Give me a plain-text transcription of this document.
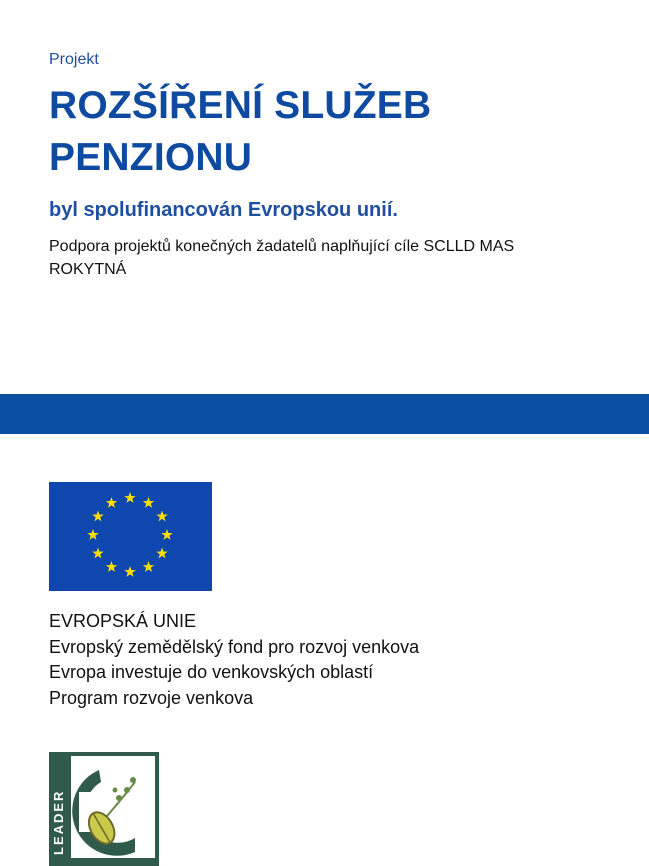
Projekt
ROZŠÍŘENÍ SLUŽEB
PENZIONU
byl spolufinancován Evropskou unií.
Podpora projektů konečných žadatelů naplňující cíle SCLLD MAS
ROKYTNÁ
EVROPSKÁ UNIE
Evropský zemědělský fond pro rozvoj venkova
Evropa investuje do venkovských oblastí
Program rozvoje venkova
LEADER
